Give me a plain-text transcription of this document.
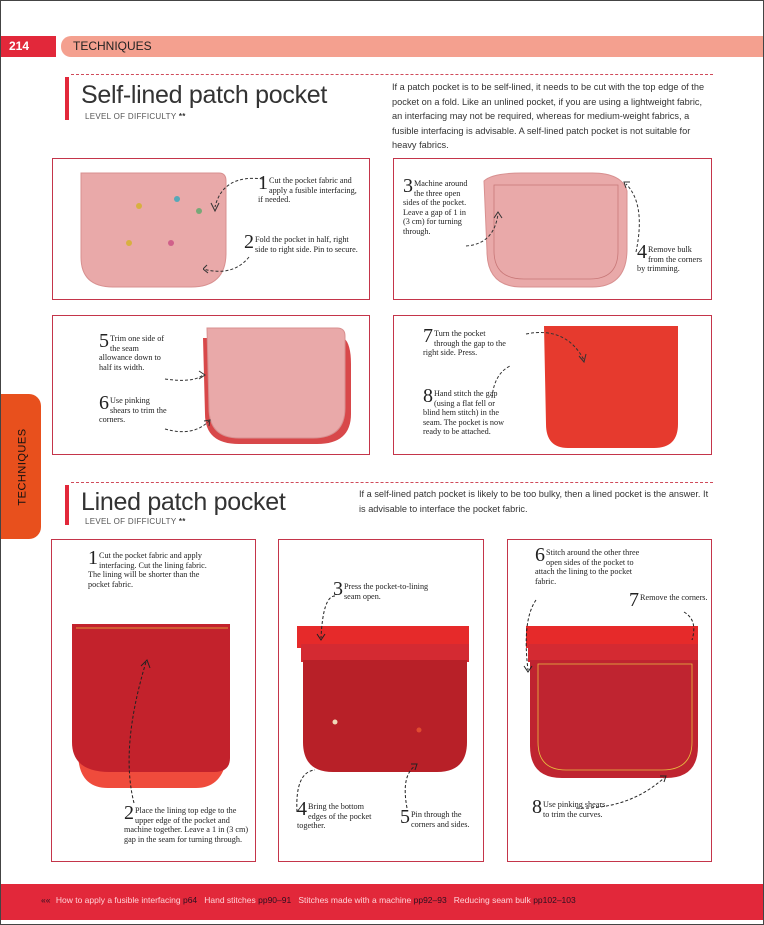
TECHNIQUES
214
TECHNIQUES
Self-lined patch pocket
LEVEL OF DIFFICULTY **
If a patch pocket is to be self-lined, it needs to be cut with the top edge of the pocket on a fold. Like an unlined pocket, if you are using a lightweight fabric, an interfacing may not be required, whereas for medium-weight fabrics, a fusible interfacing is advisable. A self-lined patch pocket is not suitable for heavy fabrics.
1 Cut the pocket fabric and apply a fusible interfacing, if needed.
2 Fold the pocket in half, right side to right side. Pin to secure.
3 Machine around the three open sides of the pocket. Leave a gap of 1 in (3 cm) for turning through.
4 Remove bulk from the corners by trimming.
5 Trim one side of the seam allowance down to half its width.
6 Use pinking shears to trim the corners.
7 Turn the pocket through the gap to the right side. Press.
8 Hand stitch the gap (using a flat fell or blind hem stitch) in the seam. The pocket is now ready to be attached.
Lined patch pocket
LEVEL OF DIFFICULTY **
If a self-lined patch pocket is likely to be too bulky, then a lined pocket is the answer. It is advisable to interface the pocket fabric.
1 Cut the pocket fabric and apply interfacing. Cut the lining fabric. The lining will be shorter than the pocket fabric.
2 Place the lining top edge to the upper edge of the pocket and machine together. Leave a 1 in (3 cm) gap in the seam for turning through.
3 Press the pocket-to-lining seam open.
4 Bring the bottom edges of the pocket together.	5 Pin through the corners and sides.
6 Stitch around the other three open sides of the pocket to attach the lining to the pocket fabric.
7 Remove the corners.
8 Use pinking shears to trim the curves.
«« How to apply a fusible interfacing p64 Hand stitches pp90–91 Stitches made with a machine pp92–93 Reducing seam bulk pp102–103
